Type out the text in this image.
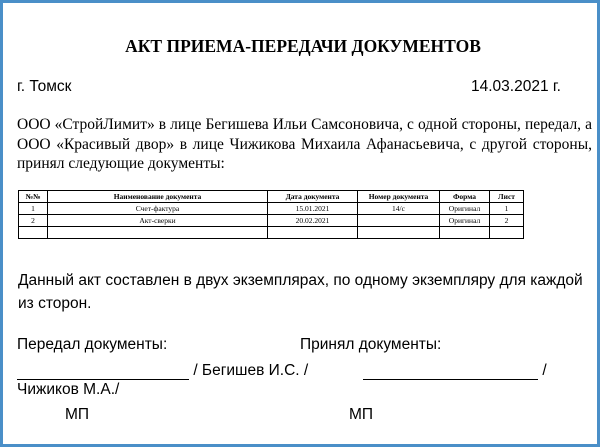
АКТ ПРИЕМА-ПЕРЕДАЧИ ДОКУМЕНТОВ
г. Томск	14.03.2021 г.
ООО «СтройЛимит» в лице Бегишева Ильи Самсоновича, с одной стороны, передал, а ООО «Красивый двор» в лице Чижикова Михаила Афанасьевича, с другой стороны, принял следующие документы:
№№	Наименование документа	Дата документа	Номер документа	Форма	Лист
1	Счет-фактура	15.01.2021	14/с	Оригинал	1
2	Акт-сверки	20.02.2021		Оригинал	2

Данный акт составлен в двух экземплярах, по одному экземпляру для каждой из сторон.
Передал документы:	Принял документы:
/ Бегишев И.С. /	/
Чижиков М.А./
МП	МП
